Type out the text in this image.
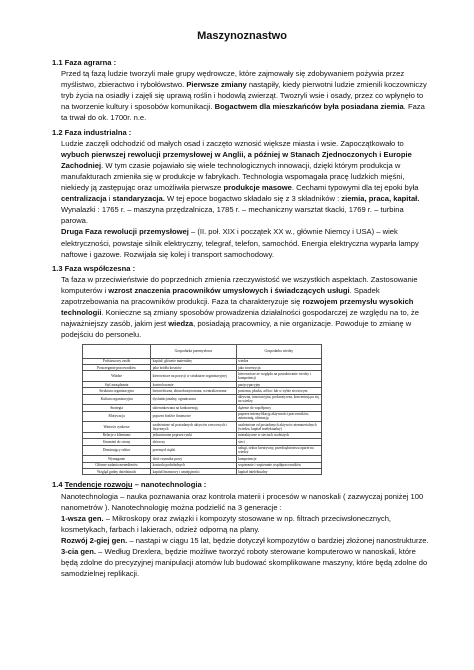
Maszynoznastwo
1.1 Faza agrarna :
Przed tą fazą ludzie tworzyli małe grupy wędrowcze, które zajmowały się zdobywaniem pożywia przez myślistwo, zbieractwo i rybołówstwo. Pierwsze zmiany nastąpiły, kiedy pierwotni ludzie zmienili koczowniczy tryb życia na osiadły i zajęli się uprawą roślin i hodowlą zwierząt. Twozryli wsie i osady, przez co wpłynęło to na tworzenie kultury i sposobów komunikacji. Bogactwem dla mieszkańców była posiadana ziemia. Faza ta trwał do ok. 1700r. n.e.
1.2 Faza industrialna :
Ludzie zaczęli odchodzić od małych osad i zaczęto wznosić większe miasta i wsie. Zapoczątkowało to wybuch pierwszej rewolucji przemysłowej w Anglii, a później w Stanach Zjednoczonych i Europie Zachodniej. W tym czasie pojawiało się wiele technologicznych innowacji, dzięki którym produkcja w manufakturach zmieniła się w produkcje w fabrykach. Technologia wspomagała pracę ludzkich mięśni, niekiedy ją zastępując oraz umożliwiła pierwsze produkcje masowe. Cechami typowymi dla tej epoki była centralizacja i standaryzacja. W tej epoce bogactwo składało się z 3 składników : ziemia, praca, kapitał.
Wynalazki : 1765 r. – maszyna przędzalnicza, 1785 r. – mechaniczny warsztat tkacki, 1769 r. – turbina parowa.
Druga Faza rewolucji przemysłowej – (II. poł. XIX i początek XX w., głównie Niemcy i USA) – wiek elektryczności, powstaje silnik elektryczny, telegraf, telefon, samochód. Energia elektryczna wyparła lampy naftowe i gazowe. Rozwijała się kolej i transport samochodowy.
1.3 Faza współczesna :
Ta faza w przeciwieństwie do poprzednich zmienia rzeczywistość we wszystkich aspektach. Zastosowanie komputerów i wzrost znaczenia pracowników umysłowych i świadczących usługi. Spadek zapotrzebowania na pracowników produkcji. Faza ta charakteryzuje się rozwojem przemysłu wysokich technologii. Konieczne są zmiany sposobów prowadzenia działalności gospodarczej ze względu na to, że najważniejszy zasób, jakim jest wiedza, posiadają pracownicy, a nie organizacje. Powoduje to zmianę w podejściu do personelu.
	Gospodarka przemysłowa	Gospodarka wiedzy
Podstawowy zasób	kapitał, głównie materialny	wiedza
Postrzeganie pracowników	jako źródła kosztów	jako inwestycja
Władze	kierownicze na pozycji w strukturze organizacyjnej	kierownicze ze względu na poszukiwanie wiedzy i kompetencji
Styl zarządzania	kontrolowanie	partycypacyjny
Struktura organizacyjna	hierarchiczna, zbiurokratyzowana, scentralizowana	pozioma, płaska, ad hoc lub w trybie sieciowym
Kultura organizacyjna	dysfunkcjonalny, ograniczona	aktywna, innowacyjna, prokreatywna, koncentrująca się na wiedzy
Strategia	ukierunkowana na konkurencję	dążenie do współpracy
Motywacja	poprzez bodźce finansowe	poprzez intensyfikację aktywności pracowników, autonomię, afirmację
Wartości rynkowe	uzależnione od posiadanych aktywów rzeczowych i fizycznych	uzależnione od posiadanych aktywów niematerialnych (wiedza, kapitał intelektualny)
Relacje z klientami	jednostronne poprzez rynki	interaktywne w sieciach osobistych
Strumień do strony	zbiorczy	sieci
Dominujący sektor	przemysł ciężki	usługi, sektor kreatywny, przedsiębiorstwa oparte na wiedzy
Wymaganie	ilość czynnika pracy	kompetencje
Główne zadania menedżerów	kontrola podwładnych	wspieranie i wspieranie współpracowników
Wzgląd godny dziedzinach	kapitał finansowy i umiejętności	kapitał intelektualny
1.4 Tendencje rozwoju – nanotechnologia :
Nanotechnologia – nauka poznawania oraz kontrola materii i procesów w nanoskali ( zazwyczaj poniżej 100 nanometrów ). Nanotechnologię można podzielić na 3 generacje :
1-wsza gen. – Mikroskopy oraz związki i kompozyty stosowane w np. filtrach przeciwsłonecznych, kosmetykach, farbach i lakierach, odzież odporną na plany.
Rozwój 2-giej gen. – nastąpi w ciągu 15 lat, będzie dotyczył kompozytów o bardziej złożonej nanostrukturze.
3-cia gen. – Według Drexlera, będzie możliwe tworzyć roboty sterowane komputerowo w nanoskali, które będą zdolne do precyzyjnej manipulacji atomów lub budować skomplikowane maszyny, które będą zdolne do samodzielnej replikacji.
